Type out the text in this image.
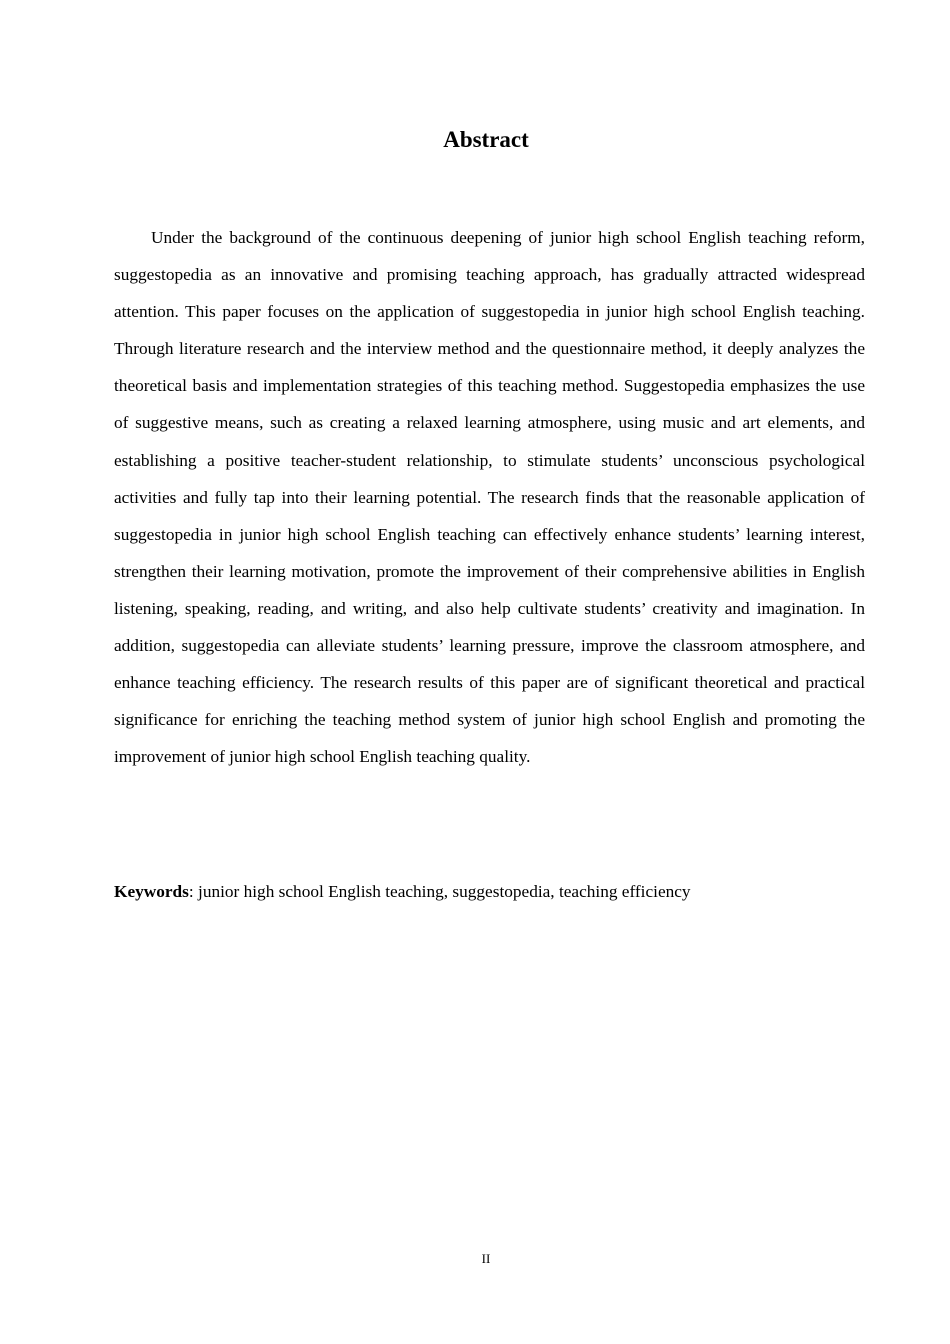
Abstract

Under the background of the continuous deepening of junior high school English teaching reform, suggestopedia as an innovative and promising teaching approach, has gradually attracted widespread attention. This paper focuses on the application of suggestopedia in junior high school English teaching. Through literature research and the interview method and the questionnaire method, it deeply analyzes the theoretical basis and implementation strategies of this teaching method. Suggestopedia emphasizes the use of suggestive means, such as creating a relaxed learning atmosphere, using music and art elements, and establishing a positive teacher-student relationship, to stimulate students’ unconscious psychological activities and fully tap into their learning potential. The research finds that the reasonable application of suggestopedia in junior high school English teaching can effectively enhance students’ learning interest, strengthen their learning motivation, promote the improvement of their comprehensive abilities in English listening, speaking, reading, and writing, and also help cultivate students’ creativity and imagination. In addition, suggestopedia can alleviate students’ learning pressure, improve the classroom atmosphere, and enhance teaching efficiency. The research results of this paper are of significant theoretical and practical significance for enriching the teaching method system of junior high school English and promoting the improvement of junior high school English teaching quality.

Keywords: junior high school English teaching, suggestopedia, teaching efficiency

II
